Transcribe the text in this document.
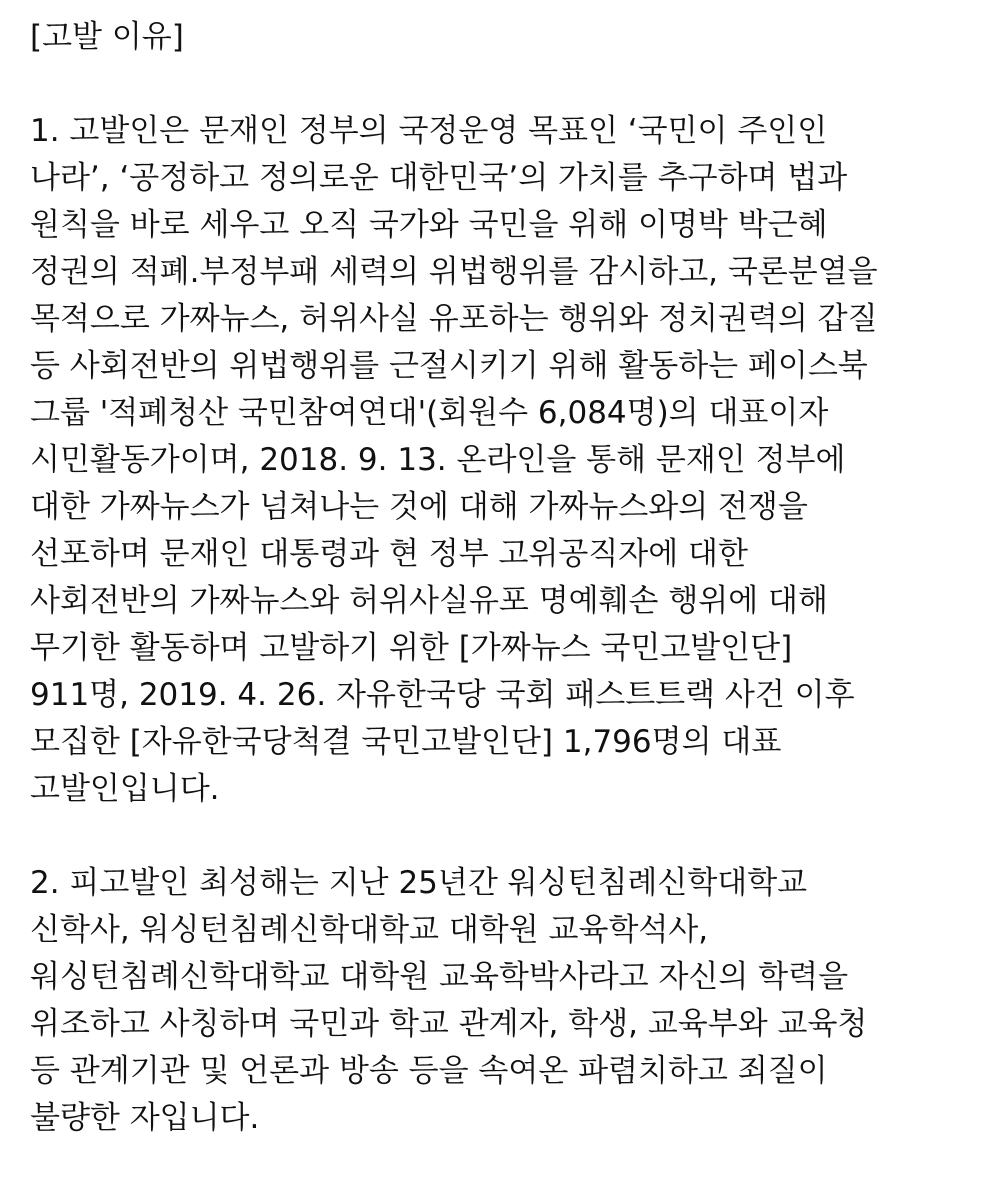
[고발 이유]
1. 고발인은 문재인 정부의 국정운영 목표인 ‘국민이 주인인
나라’, ‘공정하고 정의로운 대한민국’의 가치를 추구하며 법과
원칙을 바로 세우고 오직 국가와 국민을 위해 이명박 박근혜
정권의 적폐.부정부패 세력의 위법행위를 감시하고, 국론분열을
목적으로 가짜뉴스, 허위사실 유포하는 행위와 정치권력의 갑질
등 사회전반의 위법행위를 근절시키기 위해 활동하는 페이스북
그룹 '적폐청산 국민참여연대'(회원수 6,084명)의 대표이자
시민활동가이며, 2018. 9. 13. 온라인을 통해 문재인 정부에
대한 가짜뉴스가 넘쳐나는 것에 대해 가짜뉴스와의 전쟁을
선포하며 문재인 대통령과 현 정부 고위공직자에 대한
사회전반의 가짜뉴스와 허위사실유포 명예훼손 행위에 대해
무기한 활동하며 고발하기 위한 [가짜뉴스 국민고발인단]
911명, 2019. 4. 26. 자유한국당 국회 패스트트랙 사건 이후
모집한 [자유한국당척결 국민고발인단] 1,796명의 대표
고발인입니다.
2. 피고발인 최성해는 지난 25년간 워싱턴침례신학대학교
신학사, 워싱턴침례신학대학교 대학원 교육학석사,
워싱턴침례신학대학교 대학원 교육학박사라고 자신의 학력을
위조하고 사칭하며 국민과 학교 관계자, 학생, 교육부와 교육청
등 관계기관 및 언론과 방송 등을 속여온 파렴치하고 죄질이
불량한 자입니다.
